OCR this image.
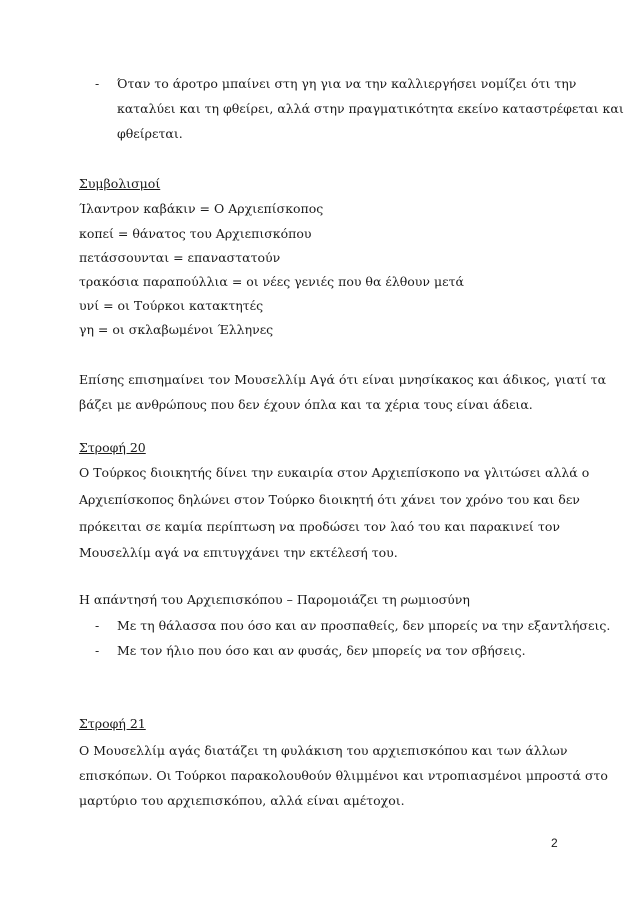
- Όταν το άροτρο μπαίνει στη γη για να την καλλιεργήσει νομίζει ότι την
καταλύει και τη φθείρει, αλλά στην πραγματικότητα εκείνο καταστρέφεται και
φθείρεται.
Συμβολισμοί
Ίλαντρον καβάκιν = Ο Αρχιεπίσκοπος
κοπεί = θάνατος του Αρχιεπισκόπου
πετάσσουνται = επαναστατούν
τρακόσια παραπούλλια = οι νέες γενιές που θα έλθουν μετά
υνί = οι Τούρκοι κατακτητές
γη = οι σκλαβωμένοι Έλληνες
Επίσης επισημαίνει τον Μουσελλίμ Αγά ότι είναι μνησίκακος και άδικος, γιατί τα
βάζει με ανθρώπους που δεν έχουν όπλα και τα χέρια τους είναι άδεια.
Στροφή 20
Ο Τούρκος διοικητής δίνει την ευκαιρία στον Αρχιεπίσκοπο να γλιτώσει αλλά ο
Αρχιεπίσκοπος δηλώνει στον Τούρκο διοικητή ότι χάνει τον χρόνο του και δεν
πρόκειται σε καμία περίπτωση να προδώσει τον λαό του και παρακινεί τον
Μουσελλίμ αγά να επιτυγχάνει την εκτέλεσή του.
Η απάντησή του Αρχιεπισκόπου – Παρομοιάζει τη ρωμιοσύνη
- Με τη θάλασσα που όσο και αν προσπαθείς, δεν μπορείς να την εξαντλήσεις.
- Με τον ήλιο που όσο και αν φυσάς, δεν μπορείς να τον σβήσεις.
Στροφή 21
Ο Μουσελλίμ αγάς διατάζει τη φυλάκιση του αρχιεπισκόπου και των άλλων
επισκόπων. Οι Τούρκοι παρακολουθούν θλιμμένοι και ντροπιασμένοι μπροστά στο
μαρτύριο του αρχιεπισκόπου, αλλά είναι αμέτοχοι.
2
